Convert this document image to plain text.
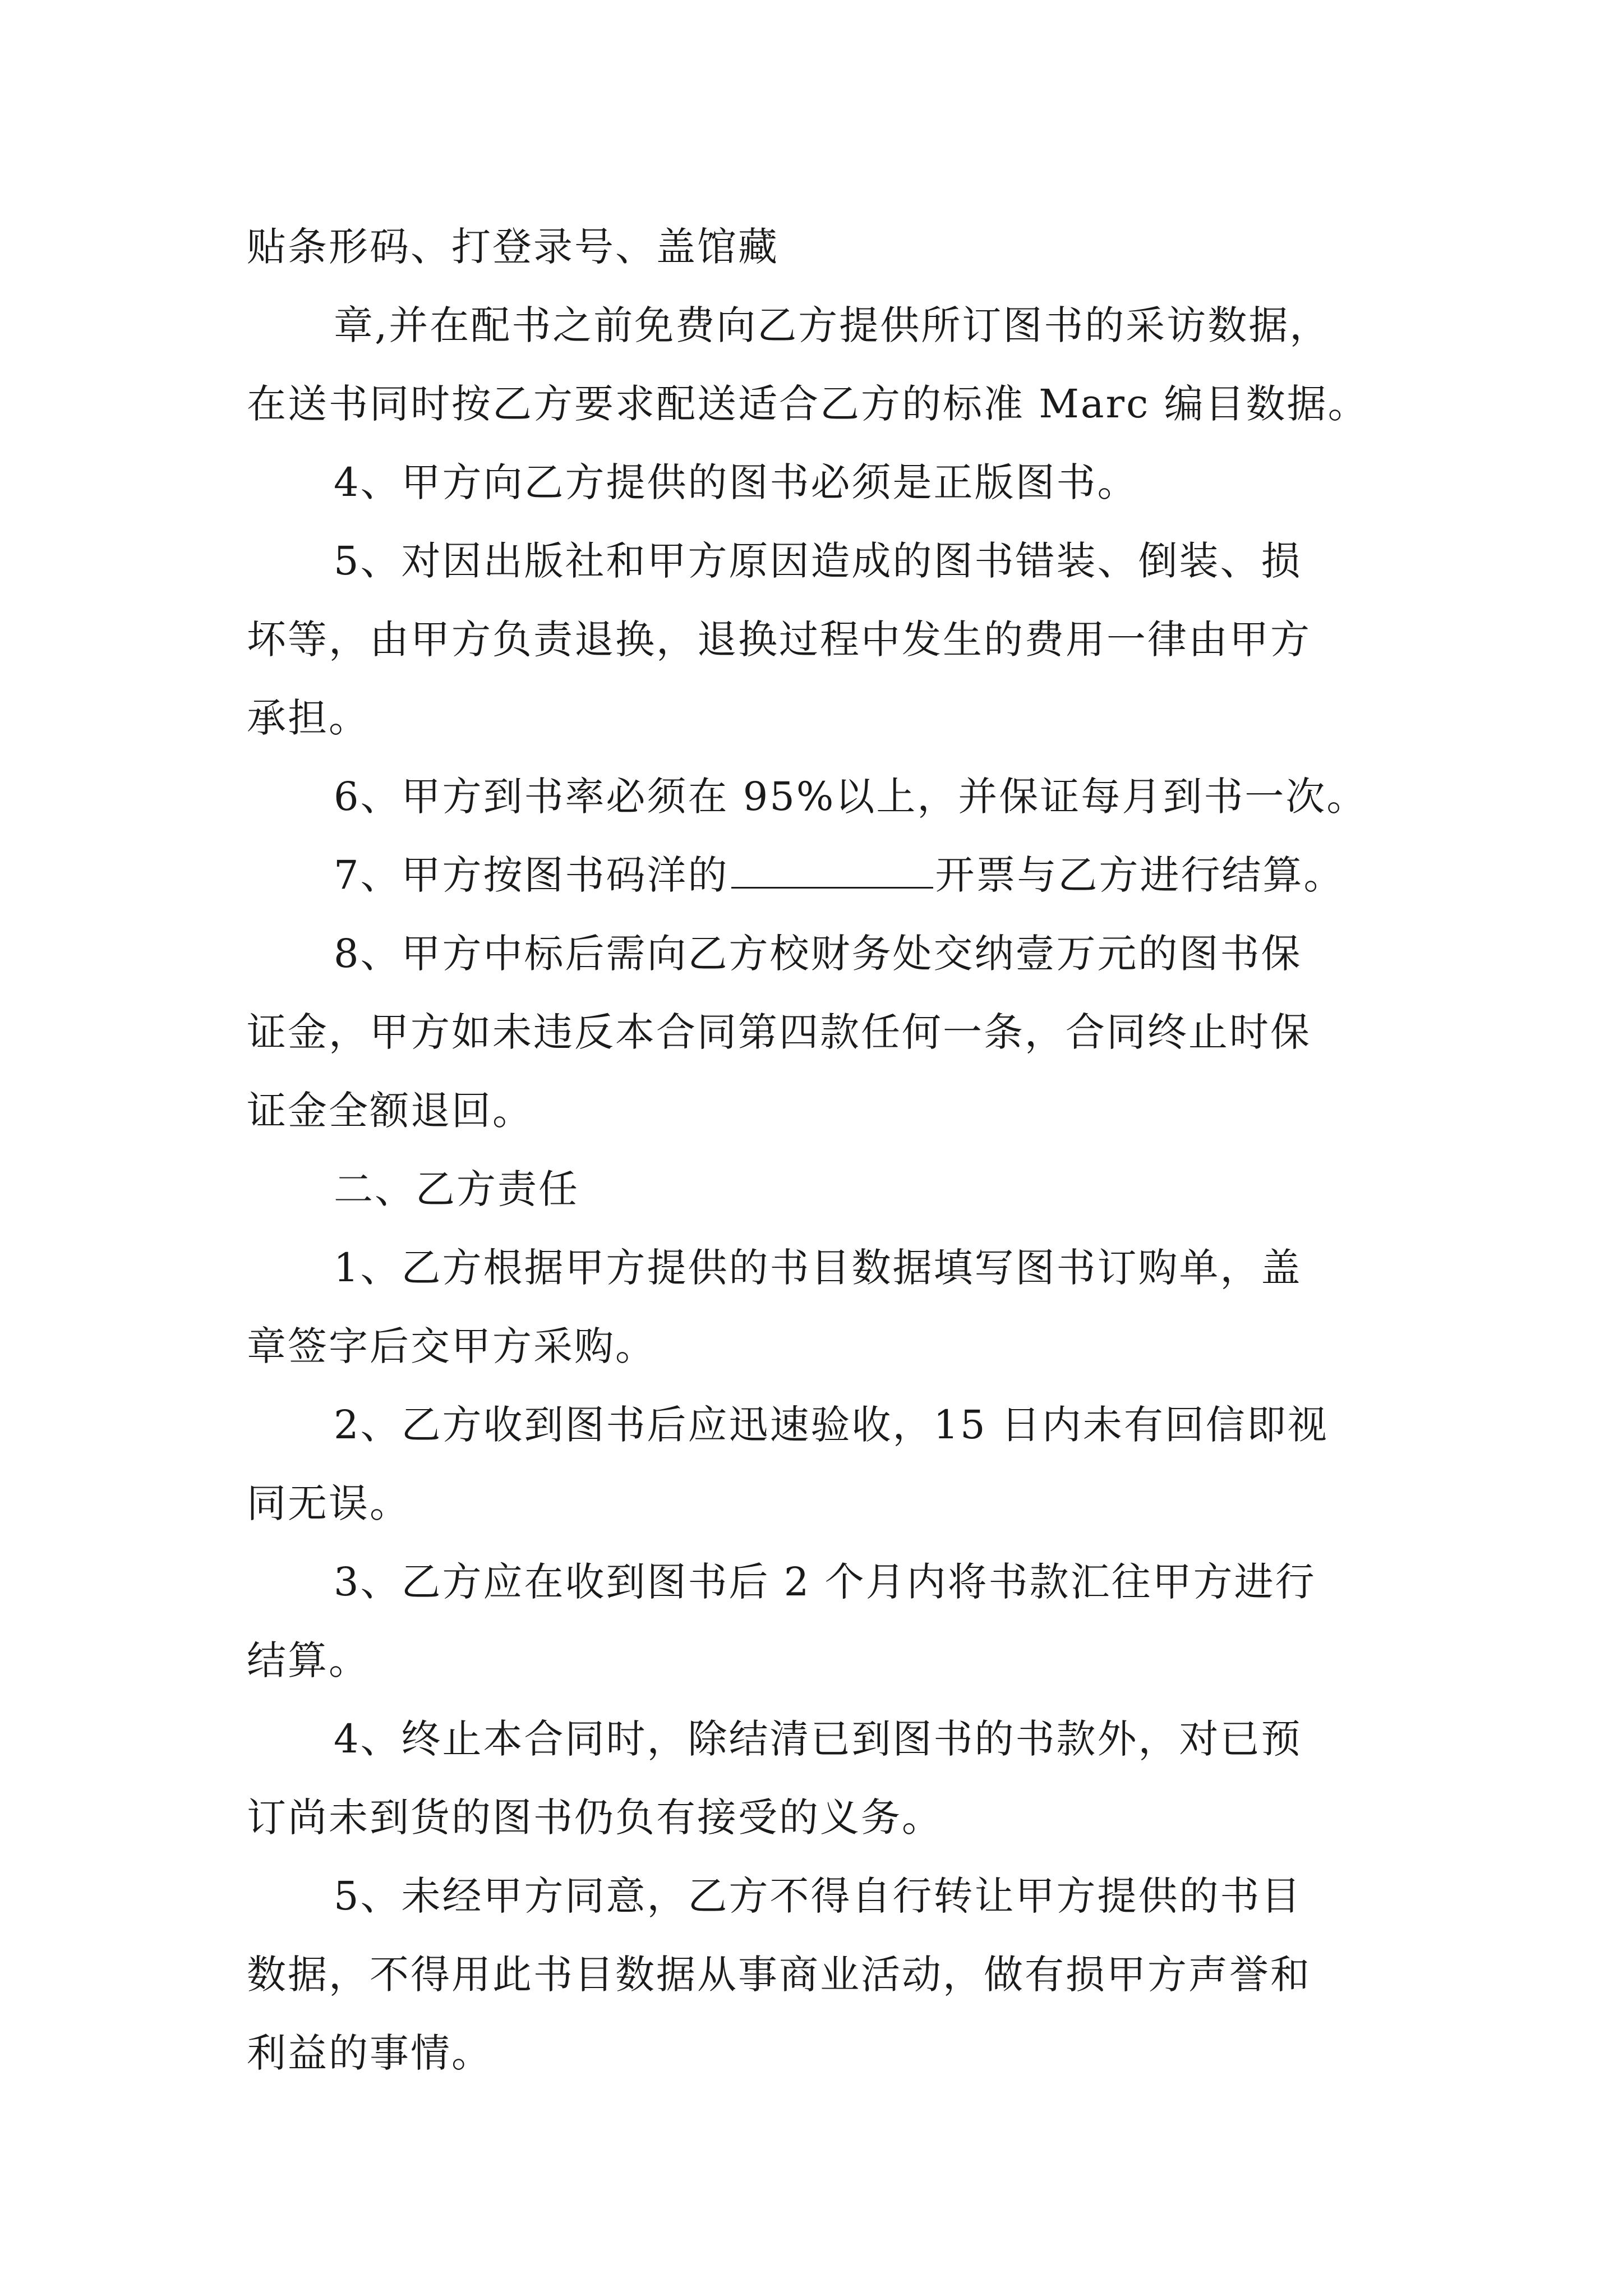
贴条形码、打登录号、盖馆藏

章,并在配书之前免费向乙方提供所订图书的采访数据，

在送书同时按乙方要求配送适合乙方的标准 Marc 编目数据。

4、甲方向乙方提供的图书必须是正版图书。

5、对因出版社和甲方原因造成的图书错装、倒装、损

坏等，由甲方负责退换，退换过程中发生的费用一律由甲方

承担。

6、甲方到书率必须在 95%以上，并保证每月到书一次。

7、甲方按图书码洋的	开票与乙方进行结算。

8、甲方中标后需向乙方校财务处交纳壹万元的图书保

证金，甲方如未违反本合同第四款任何一条，合同终止时保

证金全额退回。

二、乙方责任

1、乙方根据甲方提供的书目数据填写图书订购单，盖

章签字后交甲方采购。

2、乙方收到图书后应迅速验收，15 日内未有回信即视

同无误。

3、乙方应在收到图书后 2 个月内将书款汇往甲方进行

结算。

4、终止本合同时，除结清已到图书的书款外，对已预

订尚未到货的图书仍负有接受的义务。

5、未经甲方同意，乙方不得自行转让甲方提供的书目

数据，不得用此书目数据从事商业活动，做有损甲方声誉和

利益的事情。
